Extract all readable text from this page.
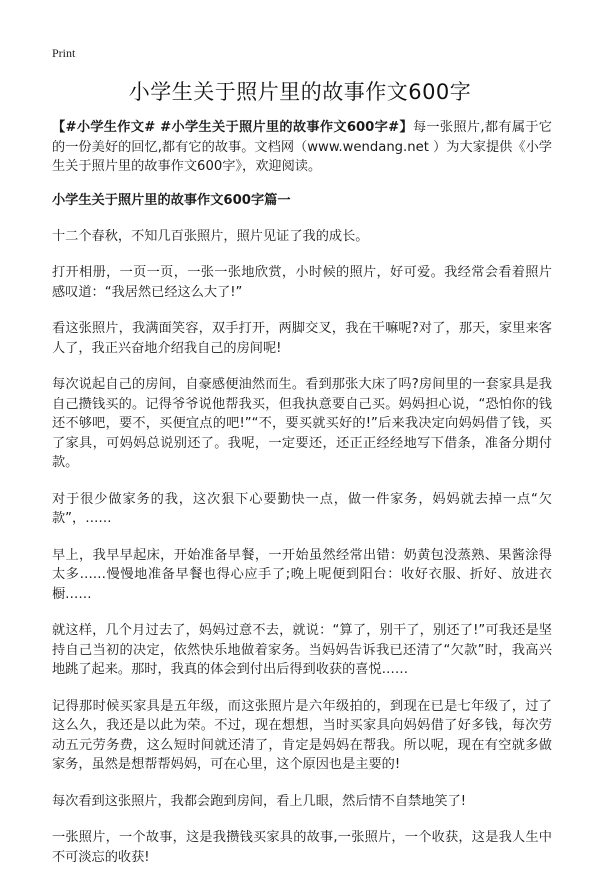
Print
小学生关于照片里的故事作文600字

【#小学生作文# #小学生关于照片里的故事作文600字#】每一张照片,都有属于它的一份美好的回忆,都有它的故事。文档网（www.wendang.net ）为大家提供《小学生关于照片里的故事作文600字》，欢迎阅读。

小学生关于照片里的故事作文600字篇一

十二个春秋，不知几百张照片，照片见证了我的成长。

打开相册，一页一页，一张一张地欣赏，小时候的照片，好可爱。我经常会看着照片感叹道：“我居然已经这么大了!”

看这张照片，我满面笑容，双手打开，两脚交叉，我在干嘛呢?对了，那天，家里来客人了，我正兴奋地介绍我自己的房间呢!

每次说起自己的房间，自豪感便油然而生。看到那张大床了吗?房间里的一套家具是我自己攒钱买的。记得爷爷说他帮我买，但我执意要自己买。妈妈担心说，“恐怕你的钱还不够吧，要不，买便宜点的吧!”“不，要买就买好的!”后来我决定向妈妈借了钱，买了家具，可妈妈总说别还了。我呢，一定要还，还正正经经地写下借条，准备分期付款。

对于很少做家务的我，这次狠下心要勤快一点，做一件家务，妈妈就去掉一点“欠款”，……

早上，我早早起床，开始准备早餐，一开始虽然经常出错：奶黄包没蒸熟、果酱涂得太多……慢慢地准备早餐也得心应手了;晚上呢便到阳台：收好衣服、折好、放进衣橱……

就这样，几个月过去了，妈妈过意不去，就说：“算了，别干了，别还了!”可我还是坚持自己当初的决定，依然快乐地做着家务。当妈妈告诉我已还清了“欠款”时，我高兴地跳了起来。那时，我真的体会到付出后得到收获的喜悦……

记得那时候买家具是五年级，而这张照片是六年级拍的，到现在已是七年级了，过了这么久，我还是以此为荣。不过，现在想想，当时买家具向妈妈借了好多钱，每次劳动五元劳务费，这么短时间就还清了，肯定是妈妈在帮我。所以呢，现在有空就多做家务，虽然是想帮帮妈妈，可在心里，这个原因也是主要的!

每次看到这张照片，我都会跑到房间，看上几眼，然后情不自禁地笑了!

一张照片，一个故事，这是我攒钱买家具的故事,一张照片，一个收获，这是我人生中不可淡忘的收获!
